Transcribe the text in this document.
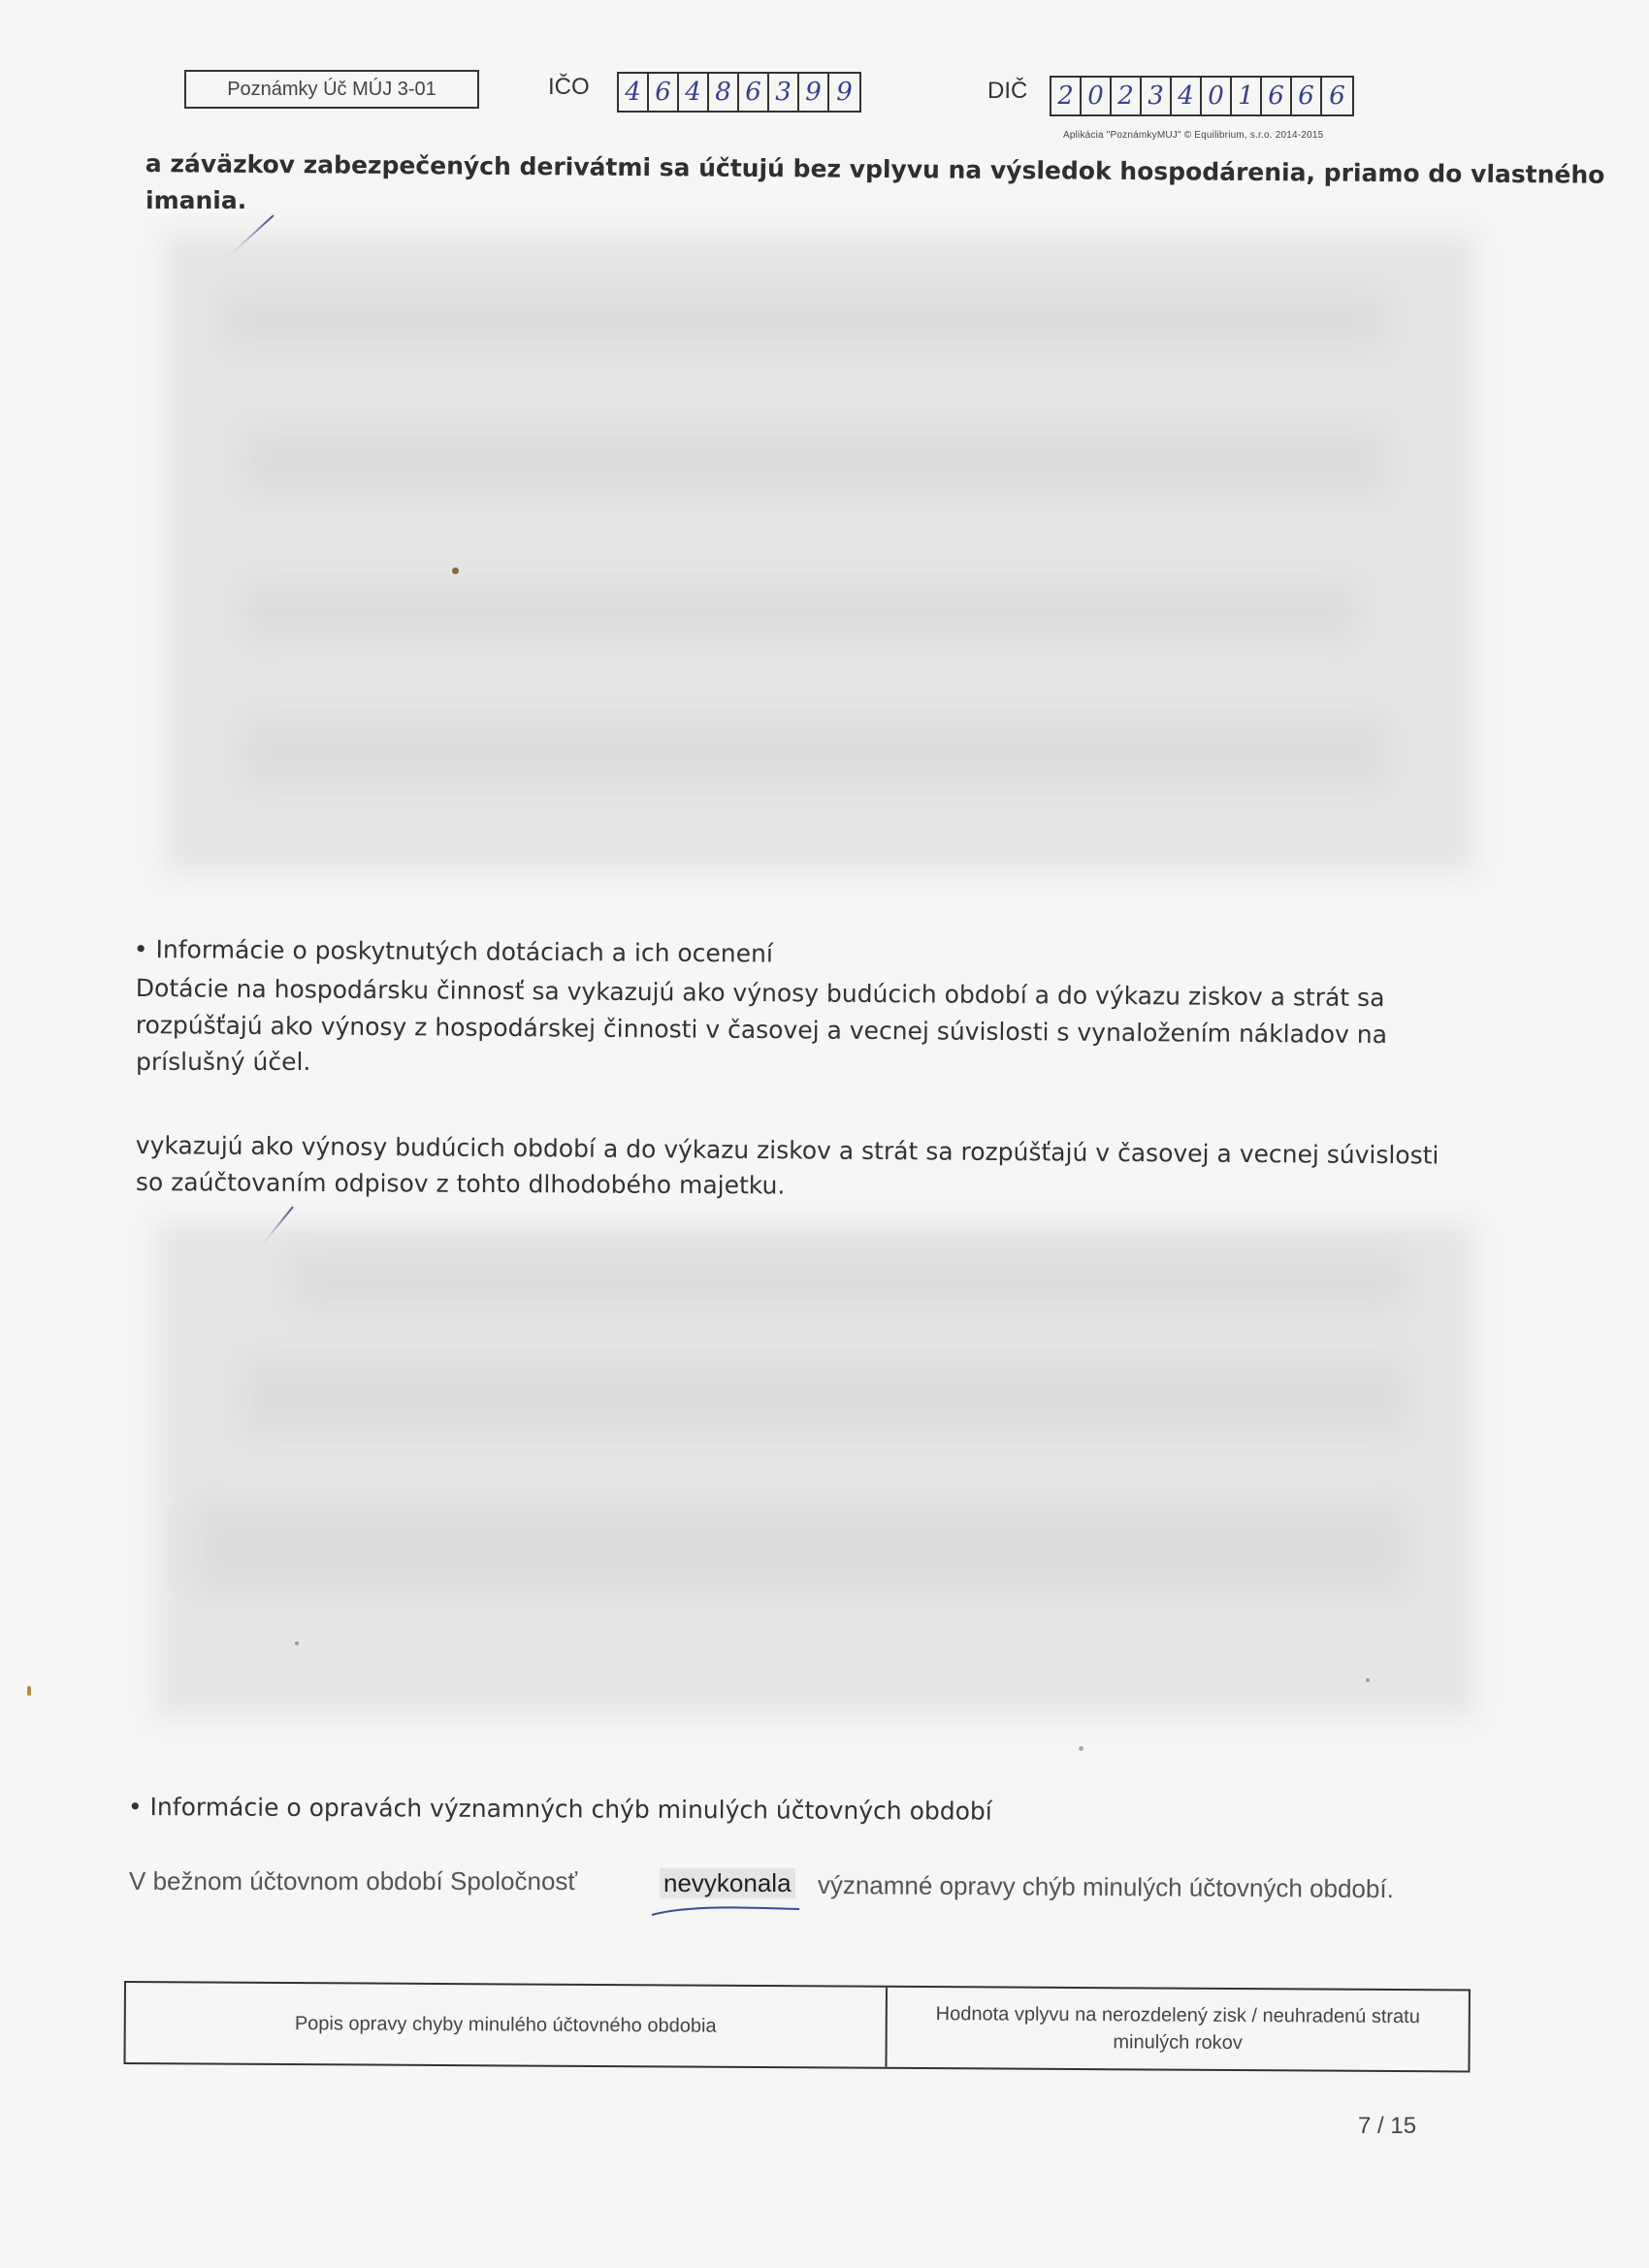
Poznámky Úč MÚJ 3-01	IČO 4 6 4 8 6 3 9 9	DIČ 2 0 2 3 4 0 1 6 6 6
Aplikácia "PoznámkyMUJ" © Equilibrium, s.r.o. 2014-2015
a záväzkov zabezpečených derivátmi sa účtujú bez vplyvu na výsledok hospodárenia, priamo do vlastného
imania.
• Informácie o poskytnutých dotáciach a ich ocenení
Dotácie na hospodársku činnosť sa vykazujú ako výnosy budúcich období a do výkazu ziskov a strát sa
rozpúšťajú ako výnosy z hospodárskej činnosti v časovej a vecnej súvislosti s vynaložením nákladov na
príslušný účel.
vykazujú ako výnosy budúcich období a do výkazu ziskov a strát sa rozpúšťajú v časovej a vecnej súvislosti
so zaúčtovaním odpisov z tohto dlhodobého majetku.
• Informácie o opravách významných chýb minulých účtovných období
V bežnom účtovnom období Spoločnosť	nevykonala významné opravy chýb minulých účtovných období.
Popis opravy chyby minulého účtovného obdobia	Hodnota vplyvu na nerozdelený zisk / neuhradenú stratu minulých rokov
7 / 15
